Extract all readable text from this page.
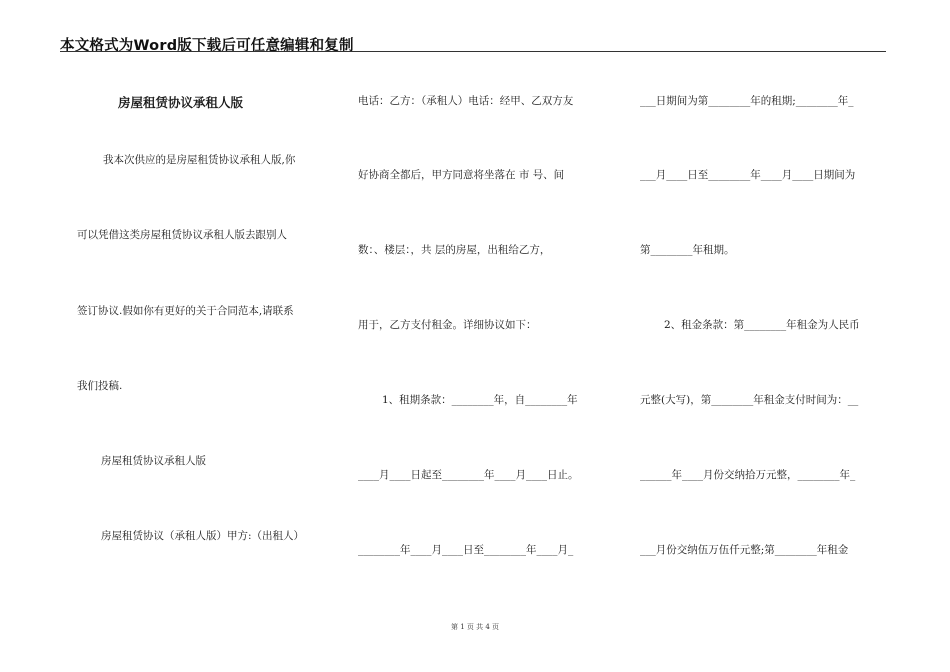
本文格式为Word版下载后可任意编辑和复制
房屋租赁协议承租人版
我本次供应的是房屋租赁协议承租人版,你
可以凭借这类房屋租赁协议承租人版去跟别人
签订协议.假如你有更好的关于合同范本,请联系
我们投稿.
房屋租赁协议承租人版
房屋租赁协议（承租人版）甲方:（出租人）
电话：乙方：（承租人）电话：经甲、乙双方友
好协商全都后，甲方同意将坐落在 市 号、间
数：、楼层：，共 层的房屋，出租给乙方，
用于，乙方支付租金。详细协议如下：
1、租期条款：________年，自________年
____月____日起至________年____月____日止。
________年____月____日至________年____月_
___日期间为第________年的租期;________年_
___月____日至________年____月____日期间为
第________年租期。
2、租金条款：第________年租金为人民币
元整(大写)，第________年租金支付时间为：__
______年____月份交纳拾万元整，________年_
___月份交纳伍万伍仟元整;第________年租金
第 1 页 共 4 页
